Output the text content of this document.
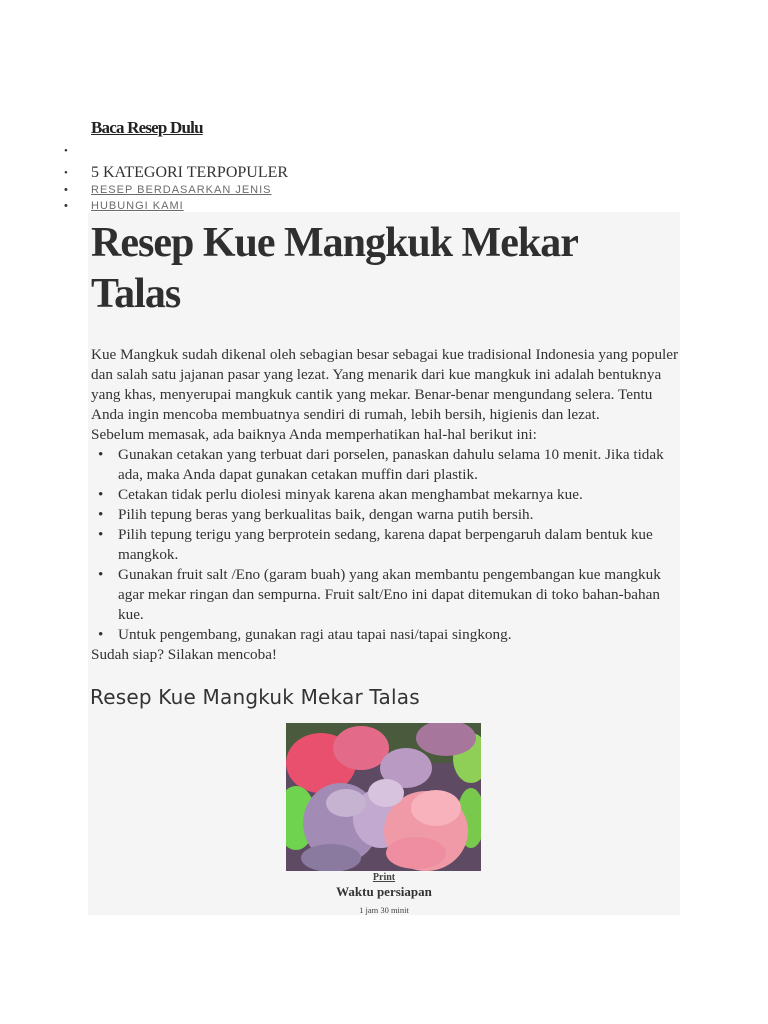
Baca Resep Dulu
•
• 5 KATEGORI TERPOPULER
• RESEP BERDASARKAN JENIS
• HUBUNGI KAMI
Resep Kue Mangkuk Mekar Talas

Kue Mangkuk sudah dikenal oleh sebagian besar sebagai kue tradisional Indonesia yang populer dan salah satu jajanan pasar yang lezat. Yang menarik dari kue mangkuk ini adalah bentuknya yang khas, menyerupai mangkuk cantik yang mekar. Benar-benar mengundang selera. Tentu Anda ingin mencoba membuatnya sendiri di rumah, lebih bersih, higienis dan lezat.

Sebelum memasak, ada baiknya Anda memperhatikan hal-hal berikut ini:

• Gunakan cetakan yang terbuat dari porselen, panaskan dahulu selama 10 menit. Jika tidak ada, maka Anda dapat gunakan cetakan muffin dari plastik.
• Cetakan tidak perlu diolesi minyak karena akan menghambat mekarnya kue.
• Pilih tepung beras yang berkualitas baik, dengan warna putih bersih.
• Pilih tepung terigu yang berprotein sedang, karena dapat berpengaruh dalam bentuk kue mangkok.
• Gunakan fruit salt /Eno (garam buah) yang akan membantu pengembangan kue mangkuk agar mekar ringan dan sempurna. Fruit salt/Eno ini dapat ditemukan di toko bahan-bahan kue.
• Untuk pengembang, gunakan ragi atau tapai nasi/tapai singkong.

Sudah siap? Silakan mencoba!

Resep Kue Mangkuk Mekar Talas
Print
Waktu persiapan
1 jam 30 minit
